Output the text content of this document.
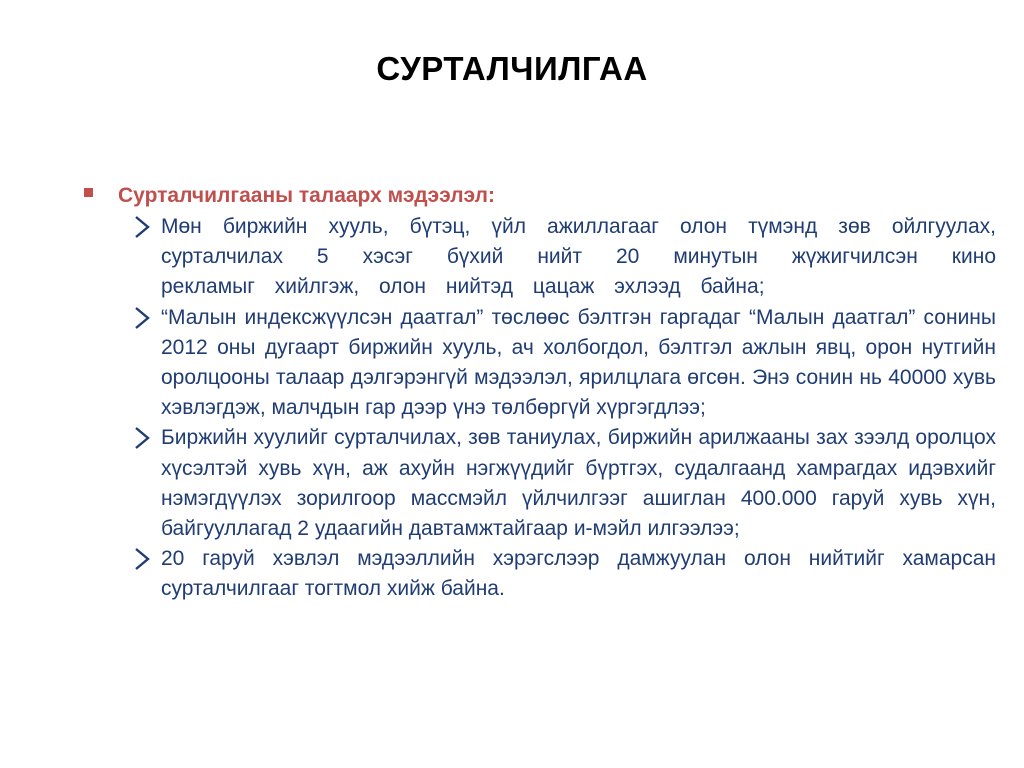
СУРТАЛЧИЛГАА
Сурталчилгааны талаарх мэдээлэл:
Мөн биржийн хууль, бүтэц, үйл ажиллагааг олон түмэнд зөв ойлгуулах, сурталчилах 5 хэсэг бүхий нийт 20 минутын жүжигчилсэн кино рекламыг хийлгэж, олон нийтэд цацаж эхлээд байна;
“Малын индексжүүлсэн даатгал” төслөөс бэлтгэн гаргадаг “Малын даатгал” сонины 2012 оны дугаарт биржийн хууль, ач холбогдол, бэлтгэл ажлын явц, орон нутгийн оролцооны талаар дэлгэрэнгүй мэдээлэл, ярилцлага өгсөн. Энэ сонин нь 40000 хувь хэвлэгдэж, малчдын гар дээр үнэ төлбөргүй хүргэгдлээ;
Биржийн хуулийг сурталчилах, зөв таниулах, биржийн арилжааны зах зээлд оролцох хүсэлтэй хувь хүн, аж ахуйн нэгжүүдийг бүртгэх, судалгаанд хамрагдах идэвхийг нэмэгдүүлэх зорилгоор массмэйл үйлчилгээг ашиглан 400.000 гаруй хувь хүн, байгууллагад 2 удаагийн давтамжтайгаар и-мэйл илгээлээ;
20 гаруй хэвлэл мэдээллийн хэрэгслээр дамжуулан олон нийтийг хамарсан сурталчилгааг тогтмол хийж байна.
